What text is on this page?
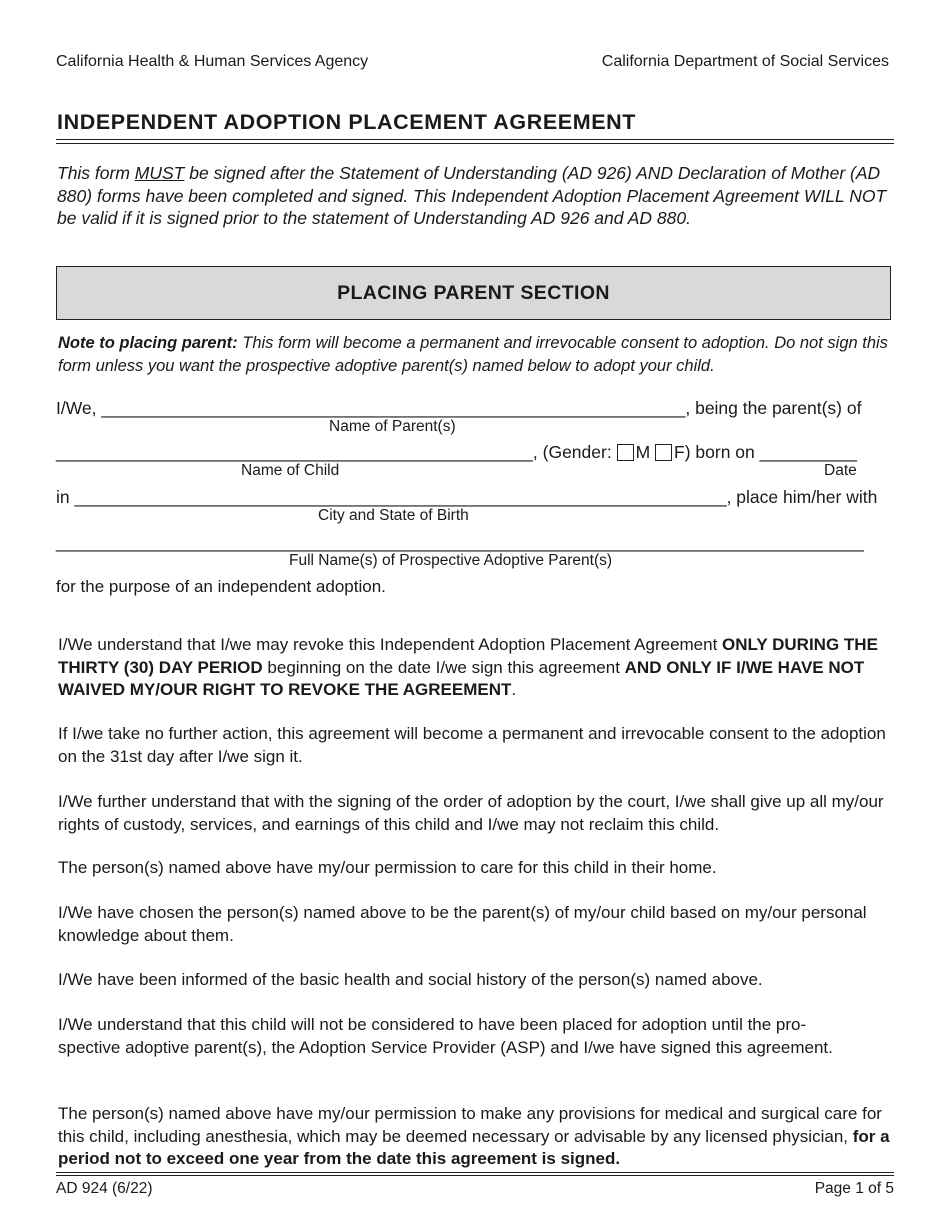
California Health & Human Services Agency	California Department of Social Services
INDEPENDENT ADOPTION PLACEMENT AGREEMENT
This form MUST be signed after the Statement of Understanding (AD 926) AND Declaration of Mother (AD 880) forms have been completed and signed. This Independent Adoption Placement Agreement WILL NOT be valid if it is signed prior to the statement of Understanding AD 926 and AD 880.
PLACING PARENT SECTION
Note to placing parent: This form will become a permanent and irrevocable consent to adoption. Do not sign this form unless you want the prospective adoptive parent(s) named below to adopt your child.
I/We, ____________________________________________________________, being the parent(s) of
Name of Parent(s)
_________________________________________________, (Gender: M F) born on __________
Name of Child	Date
in ___________________________________________________________________, place him/her with
City and State of Birth
___________________________________________________________________________________
Full Name(s) of Prospective Adoptive Parent(s)
for the purpose of an independent adoption.
I/We understand that I/we may revoke this Independent Adoption Placement Agreement ONLY DURING THE THIRTY (30) DAY PERIOD beginning on the date I/we sign this agreement AND ONLY IF I/WE HAVE NOT WAIVED MY/OUR RIGHT TO REVOKE THE AGREEMENT.
If I/we take no further action, this agreement will become a permanent and irrevocable consent to the adoption on the 31st day after I/we sign it.
I/We further understand that with the signing of the order of adoption by the court, I/we shall give up all my/our rights of custody, services, and earnings of this child and I/we may not reclaim this child.
The person(s) named above have my/our permission to care for this child in their home.
I/We have chosen the person(s) named above to be the parent(s) of my/our child based on my/our personal knowledge about them.
I/We have been informed of the basic health and social history of the person(s) named above.
I/We understand that this child will not be considered to have been placed for adoption until the pro-
spective adoptive parent(s), the Adoption Service Provider (ASP) and I/we have signed this agreement.
The person(s) named above have my/our permission to make any provisions for medical and surgical care for this child, including anesthesia, which may be deemed necessary or advisable by any licensed physician, for a period not to exceed one year from the date this agreement is signed.
AD 924 (6/22)	Page 1 of 5
